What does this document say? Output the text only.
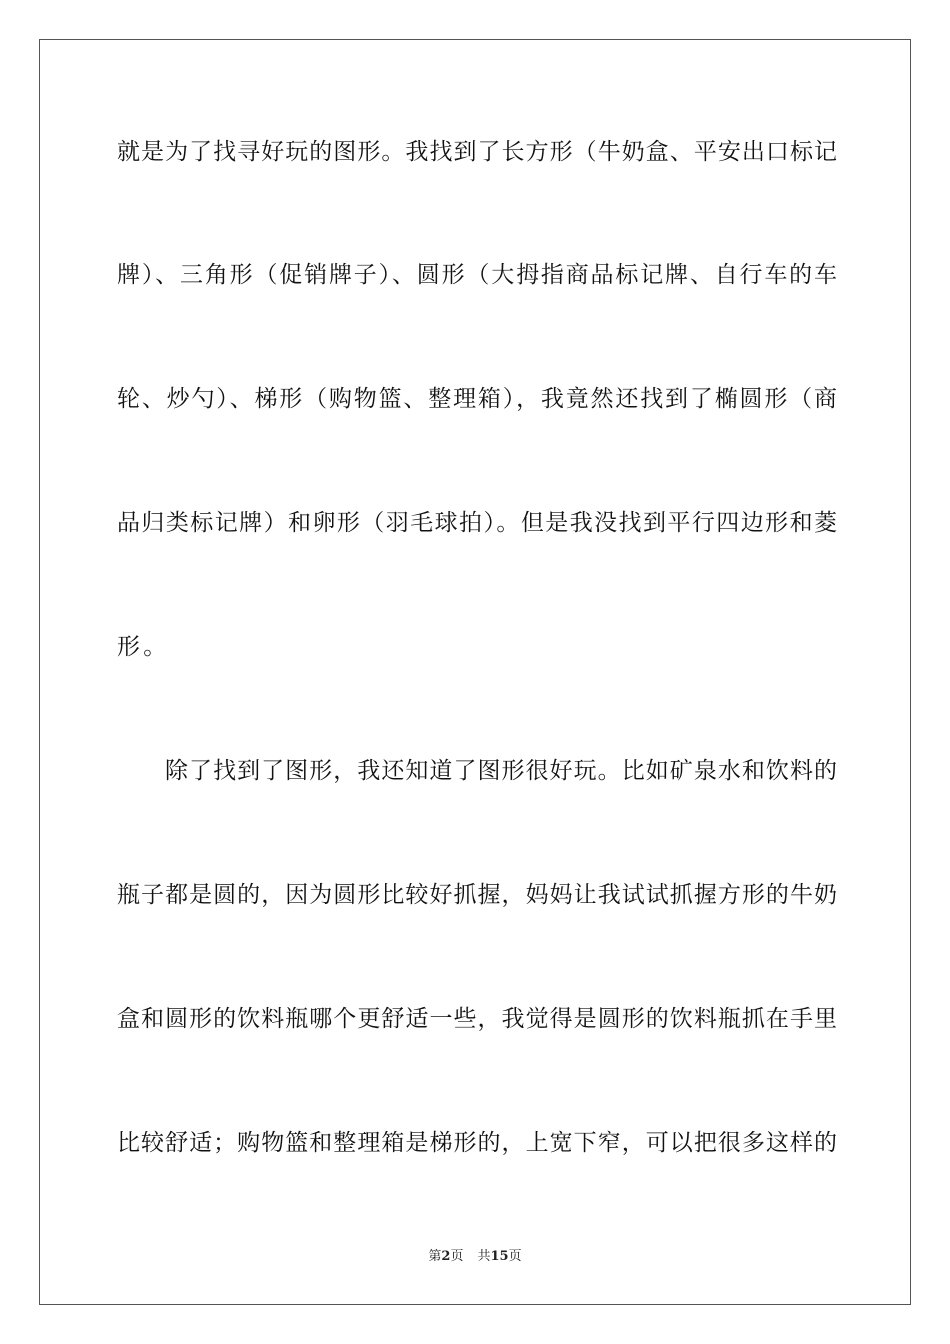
就是为了找寻好玩的图形。我找到了长方形（牛奶盒、平安出口标记
牌）、三角形（促销牌子）、圆形（大拇指商品标记牌、自行车的车
轮、炒勺）、梯形（购物篮、整理箱），我竟然还找到了椭圆形（商
品归类标记牌）和卵形（羽毛球拍）。但是我没找到平行四边形和菱
形。
除了找到了图形，我还知道了图形很好玩。比如矿泉水和饮料的
瓶子都是圆的，因为圆形比较好抓握，妈妈让我试试抓握方形的牛奶
盒和圆形的饮料瓶哪个更舒适一些，我觉得是圆形的饮料瓶抓在手里
比较舒适；购物篮和整理箱是梯形的，上宽下窄，可以把很多这样的
第2页 共15页
